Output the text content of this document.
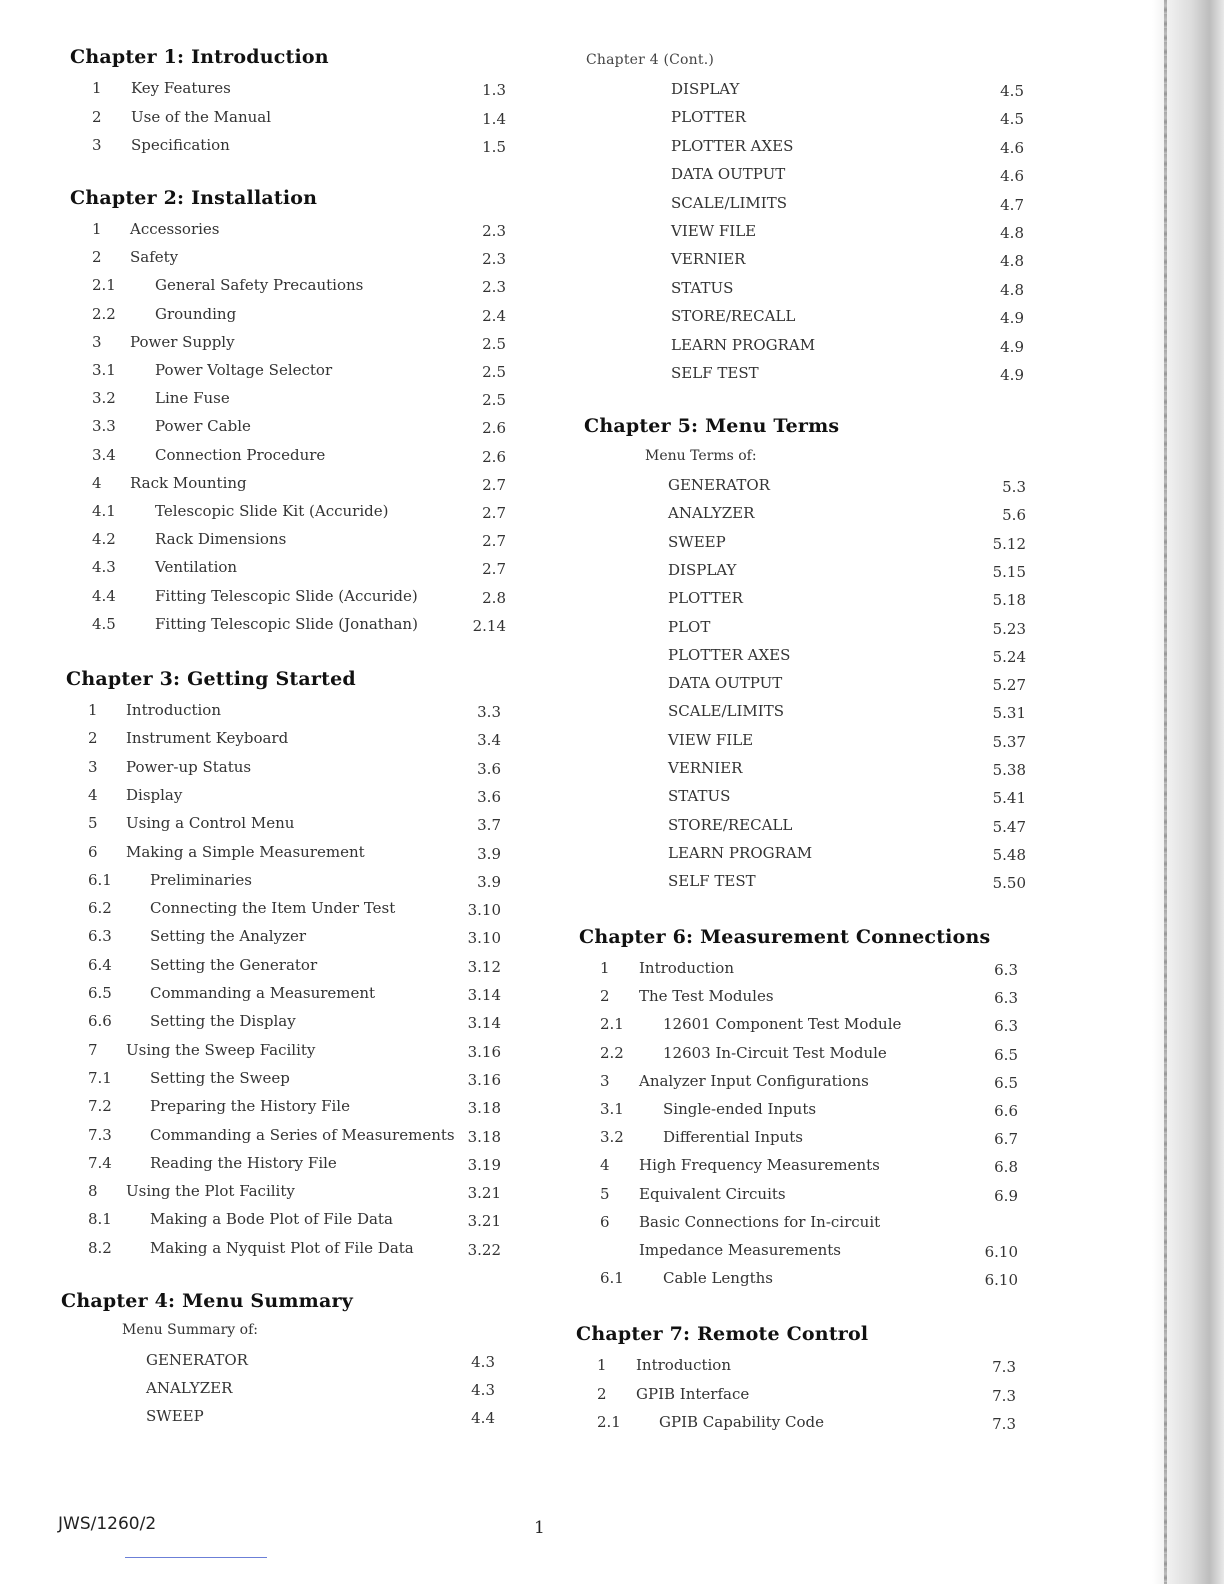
Chapter 1: Introduction
1 Key Features	1.3
2 Use of the Manual	1.4
3 Specification	1.5
Chapter 2: Installation
1 Accessories	2.3
2 Safety	2.3
2.1	General Safety Precautions	2.3
2.2	Grounding	2.4
3 Power Supply	2.5
3.1	Power Voltage Selector	2.5
3.2	Line Fuse	2.5
3.3	Power Cable	2.6
3.4	Connection Procedure	2.6
4 Rack Mounting	2.7
4.1	Telescopic Slide Kit (Accuride)	2.7
4.2	Rack Dimensions	2.7
4.3	Ventilation	2.7
4.4	Fitting Telescopic Slide (Accuride)	2.8
4.5	Fitting Telescopic Slide (Jonathan)	2.14
Chapter 3: Getting Started
1 Introduction	3.3
2 Instrument Keyboard	3.4
3 Power-up Status	3.6
4 Display	3.6
5 Using a Control Menu	3.7
6 Making a Simple Measurement	3.9
6.1	Preliminaries	3.9
6.2	Connecting the Item Under Test	3.10
6.3	Setting the Analyzer	3.10
6.4	Setting the Generator	3.12
6.5	Commanding a Measurement	3.14
6.6	Setting the Display	3.14
7 Using the Sweep Facility	3.16
7.1	Setting the Sweep	3.16
7.2	Preparing the History File	3.18
7.3	Commanding a Series of Measurements 3.18
7.4	Reading the History File	3.19
8 Using the Plot Facility	3.21
8.1	Making a Bode Plot of File Data	3.21
8.2	Making a Nyquist Plot of File Data	3.22
Chapter 4: Menu Summary
Menu Summary of:
GENERATOR	4.3
ANALYZER	4.3
SWEEP	4.4
Chapter 4 (Cont.)
DISPLAY	4.5
PLOTTER	4.5
PLOTTER AXES	4.6
DATA OUTPUT	4.6
SCALE/LIMITS	4.7
VIEW FILE	4.8
VERNIER	4.8
STATUS	4.8
STORE/RECALL	4.9
LEARN PROGRAM	4.9
SELF TEST	4.9
Chapter 5: Menu Terms
Menu Terms of:
GENERATOR	5.3
ANALYZER	5.6
SWEEP	5.12
DISPLAY	5.15
PLOTTER	5.18
PLOT	5.23
PLOTTER AXES	5.24
DATA OUTPUT	5.27
SCALE/LIMITS	5.31
VIEW FILE	5.37
VERNIER	5.38
STATUS	5.41
STORE/RECALL	5.47
LEARN PROGRAM	5.48
SELF TEST	5.50
Chapter 6: Measurement Connections
1 Introduction	6.3
2 The Test Modules	6.3
2.1	12601 Component Test Module	6.3
2.2	12603 In-Circuit Test Module	6.5
3 Analyzer Input Configurations	6.5
3.1	Single-ended Inputs	6.6
3.2	Differential Inputs	6.7
4 High Frequency Measurements	6.8
5 Equivalent Circuits	6.9
6 Basic Connections for In-circuit
Impedance Measurements	6.10
6.1	Cable Lengths	6.10
Chapter 7: Remote Control
1 Introduction	7.3
2 GPIB Interface	7.3
2.1	GPIB Capability Code	7.3
JWS/1260/2	1
